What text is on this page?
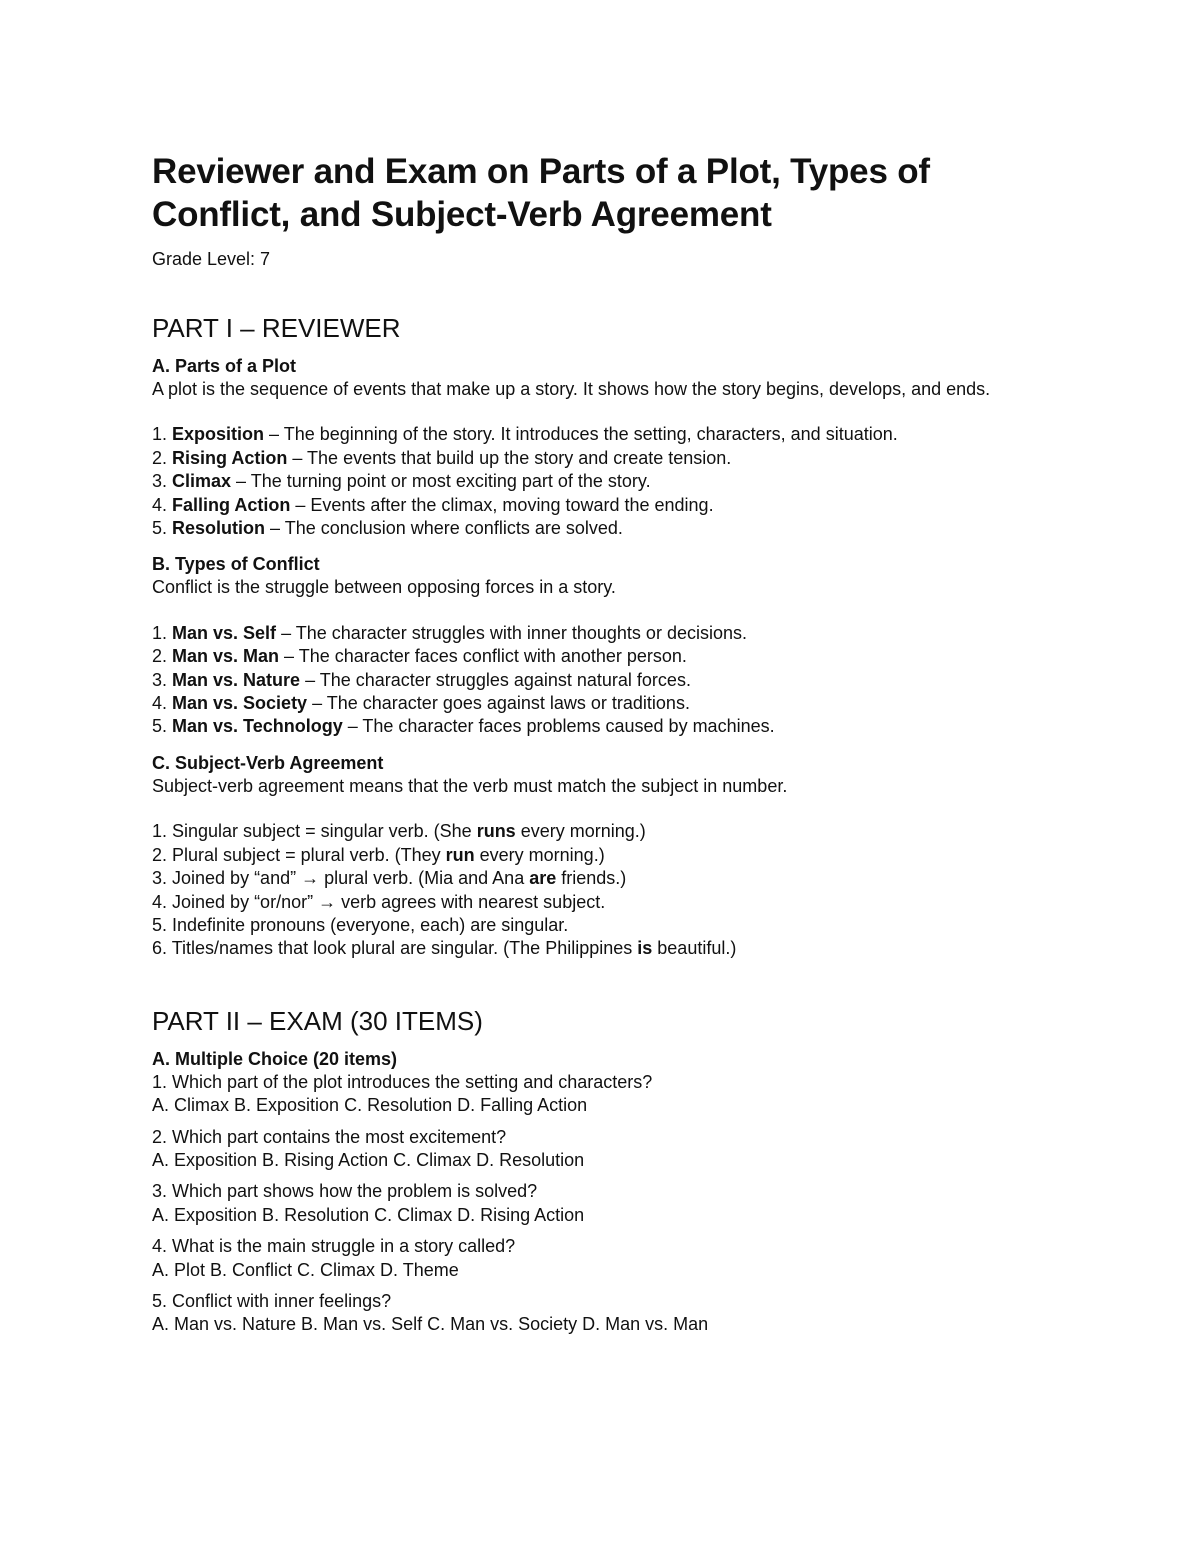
Reviewer and Exam on Parts of a Plot, Types of Conflict, and Subject-Verb Agreement
Grade Level: 7
PART I – REVIEWER
A. Parts of a Plot
A plot is the sequence of events that make up a story. It shows how the story begins, develops, and ends.
1. Exposition – The beginning of the story. It introduces the setting, characters, and situation.
2. Rising Action – The events that build up the story and create tension.
3. Climax – The turning point or most exciting part of the story.
4. Falling Action – Events after the climax, moving toward the ending.
5. Resolution – The conclusion where conflicts are solved.
B. Types of Conflict
Conflict is the struggle between opposing forces in a story.
1. Man vs. Self – The character struggles with inner thoughts or decisions.
2. Man vs. Man – The character faces conflict with another person.
3. Man vs. Nature – The character struggles against natural forces.
4. Man vs. Society – The character goes against laws or traditions.
5. Man vs. Technology – The character faces problems caused by machines.
C. Subject-Verb Agreement
Subject-verb agreement means that the verb must match the subject in number.
1. Singular subject = singular verb. (She runs every morning.)
2. Plural subject = plural verb. (They run every morning.)
3. Joined by “and” → plural verb. (Mia and Ana are friends.)
4. Joined by “or/nor” → verb agrees with nearest subject.
5. Indefinite pronouns (everyone, each) are singular.
6. Titles/names that look plural are singular. (The Philippines is beautiful.)
PART II – EXAM (30 ITEMS)
A. Multiple Choice (20 items)
1. Which part of the plot introduces the setting and characters?
A. Climax B. Exposition C. Resolution D. Falling Action
2. Which part contains the most excitement?
A. Exposition B. Rising Action C. Climax D. Resolution
3. Which part shows how the problem is solved?
A. Exposition B. Resolution C. Climax D. Rising Action
4. What is the main struggle in a story called?
A. Plot B. Conflict C. Climax D. Theme
5. Conflict with inner feelings?
A. Man vs. Nature B. Man vs. Self C. Man vs. Society D. Man vs. Man
